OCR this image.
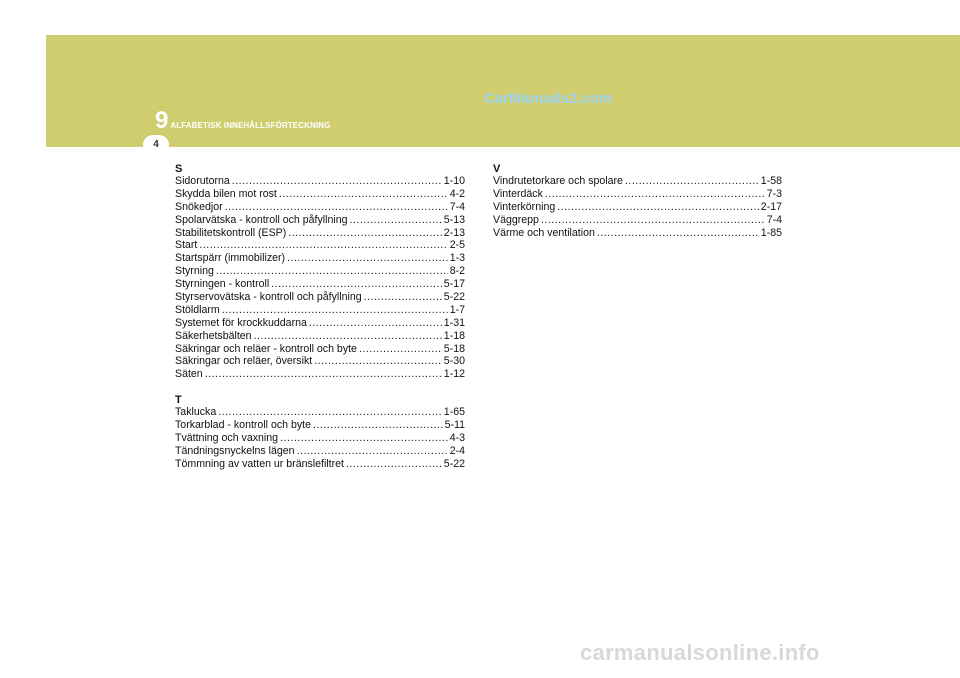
9 ALFABETISK INNEHÅLLSFÖRTECKNING
CarManuals2.com
4
S
Sidorutorna .....	1-10
Skydda bilen mot rost .....	4-2
Snökedjor .....	7-4
Spolarvätska - kontroll och påfyllning .....	5-13
Stabilitetskontroll (ESP) .....	2-13
Start .....	2-5
Startspärr (immobilizer) .....	1-3
Styrning .....	8-2
Styrningen - kontroll .....	5-17
Styrservovätska - kontroll och påfyllning .....	5-22
Stöldlarm .....	1-7
Systemet för krockkuddarna .....	1-31
Säkerhetsbälten .....	1-18
Säkringar och reläer - kontroll och byte .....	5-18
Säkringar och reläer, översikt .....	5-30
Säten .....	1-12
T
Taklucka .....	1-65
Torkarblad - kontroll och byte .....	5-11
Tvättning och vaxning .....	4-3
Tändningsnyckelns lägen .....	2-4
Tömmning av vatten ur bränslefiltret .....	5-22
V
Vindrutetorkare och spolare .....	1-58
Vinterdäck .....	7-3
Vinterkörning .....	2-17
Väggrepp .....	7-4
Värme och ventilation .....	1-85
carmanualsonline.info
